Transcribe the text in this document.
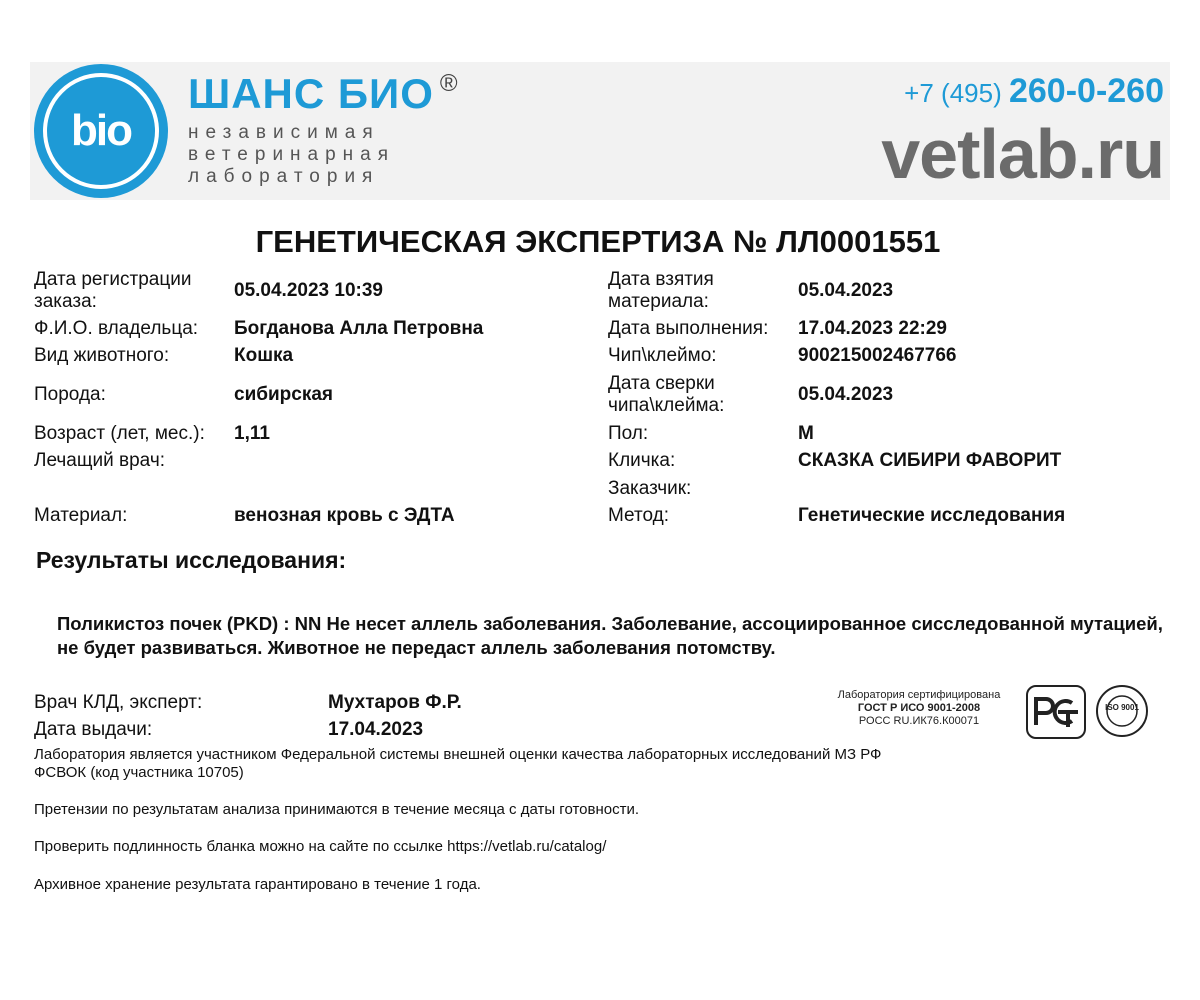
bio
ШАНС БИО ®
независимая
ветеринарная
лаборатория
+7 (495) 260-0-260
vetlab.ru
ГЕНЕТИЧЕСКАЯ ЭКСПЕРТИЗА № ЛЛ0001551
Дата регистрации заказа:
05.04.2023 10:39
Ф.И.О. владельца: Богданова Алла Петровна
Вид животного:	Кошка
Порода:	сибирская
Возраст (лет, мес.): 1,11
Лечащий врач:
Материал:	венозная кровь с ЭДТА
Дата взятия материала:
05.04.2023
Дата выполнения: 17.04.2023 22:29
Чип\клеймо:	900215002467766
Дата сверки чипа\клейма:
05.04.2023
Пол:	М
Кличка:	СКАЗКА СИБИРИ ФАВОРИТ
Заказчик:
Метод:	Генетические исследования
Результаты исследования:
Поликистоз почек (PKD) : NN Не несет аллель заболевания. Заболевание, ассоциированное сисследованной мутацией, не будет развиваться. Животное не передаст аллель заболевания потомству.
Врач КЛД, эксперт:	Мухтаров Ф.Р.
Дата выдачи:	17.04.2023
Лаборатория сертифицирована
ГОСТ Р ИСО 9001-2008
РОСС RU.ИК76.К00071
ISO 9001
Лаборатория является участником Федеральной системы внешней оценки качества лабораторных исследований МЗ РФ
ФСВОК (код участника 10705)
Претензии по результатам анализа принимаются в течение месяца с даты готовности.
Проверить подлинность бланка можно на сайте по ссылке https://vetlab.ru/catalog/
Архивное хранение результата гарантировано в течение 1 года.
